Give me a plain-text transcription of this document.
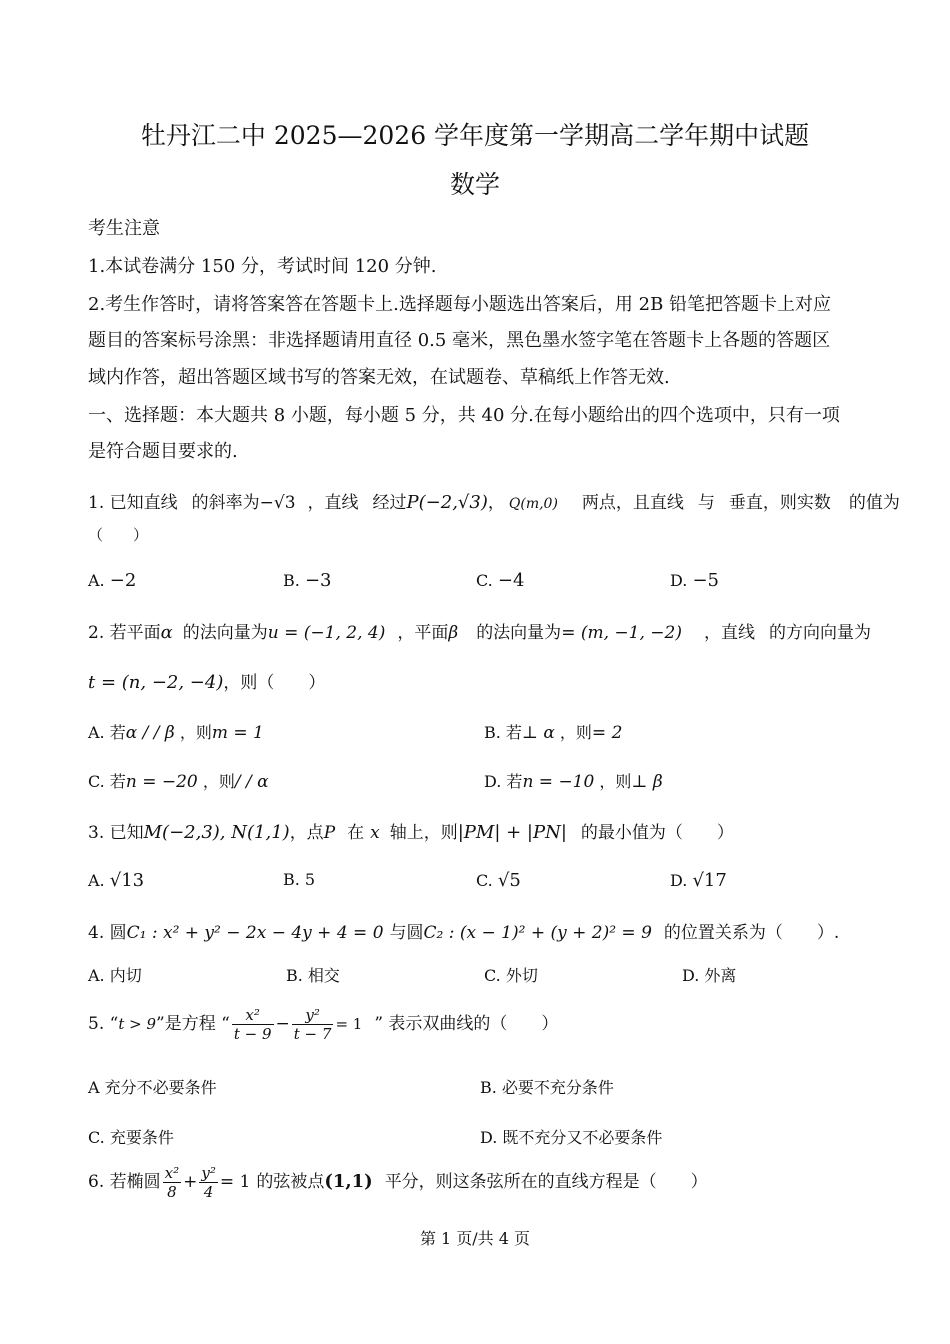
牡丹江二中 2025—2026 学年度第一学期高二学年期中试题
数学
考生注意
1.本试卷满分 150 分，考试时间 120 分钟.
2.考生作答时，请将答案答在答题卡上.选择题每小题选出答案后，用 2B 铅笔把答题卡上对应
题目的答案标号涂黑：非选择题请用直径 0.5 毫米，黑色墨水签字笔在答题卡上各题的答题区
域内作答，超出答题区域书写的答案无效，在试题卷、草稿纸上作答无效.
一、选择题：本大题共 8 小题，每小题 5 分，共 40 分.在每小题给出的四个选项中，只有一项
是符合题目要求的.
1. 已知直线 的斜率为−√3 ，直线 经过P(−2,√3)， Q(m,0) 两点，且直线 与 垂直，则实数 的值为
（　　）
A. −2	B. −3	C. −4	D. −5
2. 若平面α 的法向量为u = (−1, 2, 4) ，平面β 的法向量为= (m, −1, −2) ，直线 的方向向量为
t = (n, −2, −4)，则（　　）
A. 若α / / β ，则m = 1	B. 若⊥ α ，则= 2
C. 若n = −20 ，则/ / α	D. 若n = −10 ，则⊥ β
3. 已知M(−2,3), N(1,1)，点P 在 x 轴上，则|PM| + |PN| 的最小值为（　　）
A. √13	B. 5	C. √5	D. √17
4. 圆C₁ : x² + y² − 2x − 4y + 4 = 0 与圆C₂ : (x − 1)² + (y + 2)² = 9 的位置关系为（　　）.
A. 内切	B. 相交	C. 外切	D. 外离
5. “t > 9”是方程 “ $\frac{\text{x²}}{t - 9} - \frac{\text{y²}}{t - 7} = 1$ ” 表示双曲线的（　　）
A 充分不必要条件	B. 必要不充分条件
C. 充要条件	D. 既不充分又不必要条件
6. 若椭圆 $\frac{\text{x²}}{8} + \frac{\text{y²}}{4} = 1$ 的弦被点(1,1) 平分，则这条弦所在的直线方程是（　　）
第 1 页/共 4 页
